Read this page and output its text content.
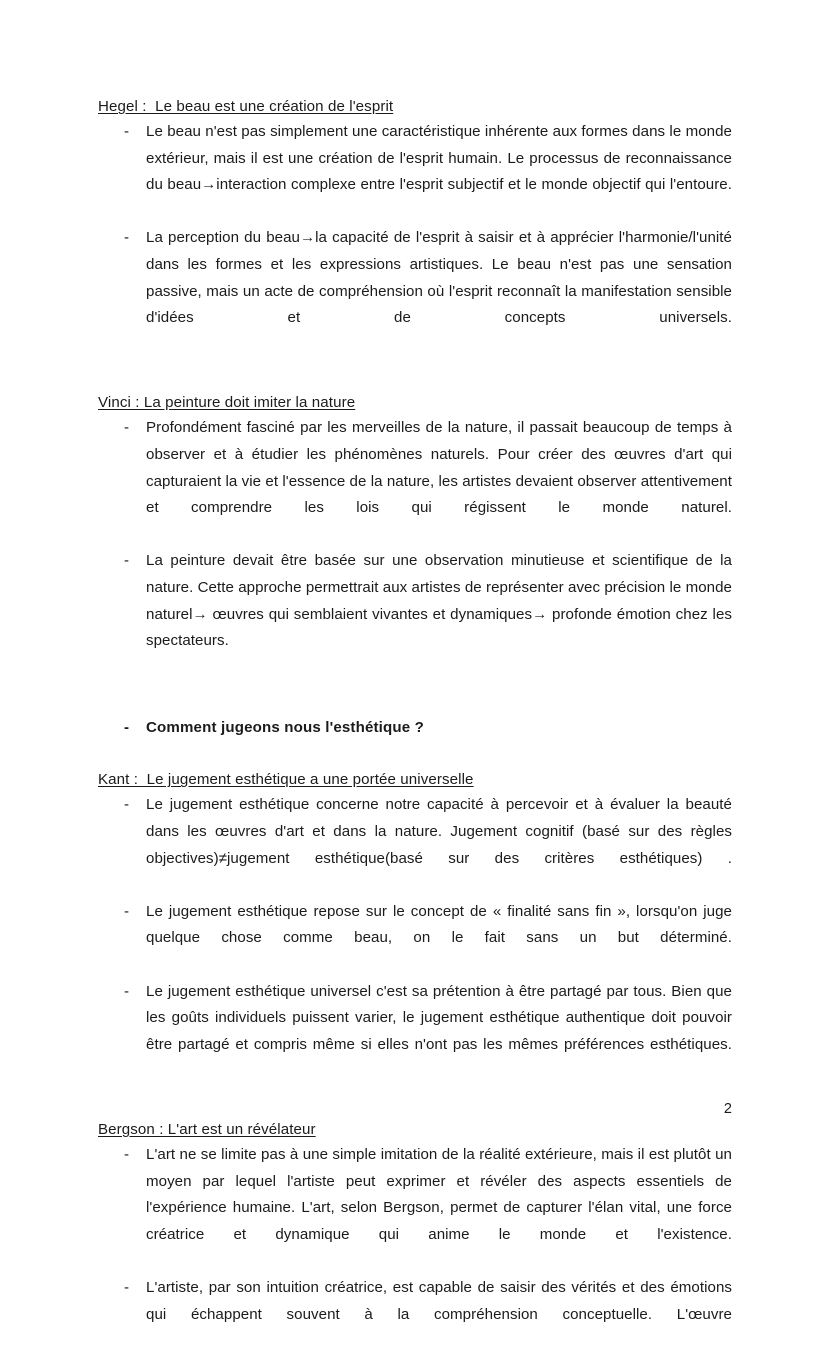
Hegel :  Le beau est une création de l'esprit
- Le beau n'est pas simplement une caractéristique inhérente aux formes dans le monde extérieur, mais il est une création de l'esprit humain. Le processus de reconnaissance du beau→interaction complexe entre l'esprit subjectif et le monde objectif qui l'entoure.
- La perception du beau→la capacité de l'esprit à saisir et à apprécier l'harmonie/l'unité dans les formes et les expressions artistiques. Le beau n'est pas une sensation passive, mais un acte de compréhension où l'esprit reconnaît la manifestation sensible d'idées et de concepts universels.
Vinci : La peinture doit imiter la nature
- Profondément fasciné par les merveilles de la nature, il passait beaucoup de temps à observer et à étudier les phénomènes naturels. Pour créer des œuvres d'art qui capturaient la vie et l'essence de la nature, les artistes devaient observer attentivement et comprendre les lois qui régissent le monde naturel.
- La peinture devait être basée sur une observation minutieuse et scientifique de la nature. Cette approche permettrait aux artistes de représenter avec précision le monde naturel→ œuvres qui semblaient vivantes et dynamiques→ profonde émotion chez les spectateurs.
- Comment jugeons nous l'esthétique ?
Kant :  Le jugement esthétique a une portée universelle
- Le jugement esthétique concerne notre capacité à percevoir et à évaluer la beauté dans les œuvres d'art et dans la nature. Jugement cognitif (basé sur des règles objectives)≠jugement esthétique(basé sur des critères esthétiques) .
- Le jugement esthétique repose sur le concept de « finalité sans fin », lorsqu'on juge quelque chose comme beau, on le fait sans un but déterminé.
- Le jugement esthétique universel c'est sa prétention à être partagé par tous. Bien que les goûts individuels puissent varier, le jugement esthétique authentique doit pouvoir être partagé et compris même si elles n'ont pas les mêmes préférences esthétiques.
Bergson : L'art est un révélateur
- L'art ne se limite pas à une simple imitation de la réalité extérieure, mais il est plutôt un moyen par lequel l'artiste peut exprimer et révéler des aspects essentiels de l'expérience humaine. L'art, selon Bergson, permet de capturer l'élan vital, une force créatrice et dynamique qui anime le monde et l'existence.
- L'artiste, par son intuition créatrice, est capable de saisir des vérités et des émotions qui échappent souvent à la compréhension conceptuelle. L'œuvre
2
